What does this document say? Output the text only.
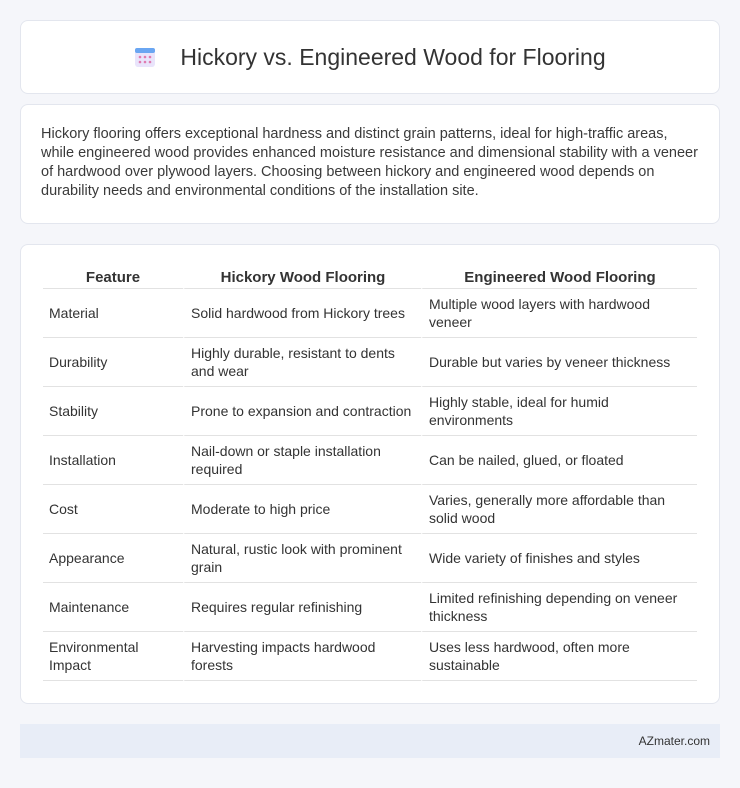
Hickory vs. Engineered Wood for Flooring

Hickory flooring offers exceptional hardness and distinct grain patterns, ideal for high-traffic areas, while engineered wood provides enhanced moisture resistance and dimensional stability with a veneer of hardwood over plywood layers. Choosing between hickory and engineered wood depends on durability needs and environmental conditions of the installation site.

Feature	Hickory Wood Flooring	Engineered Wood Flooring
Material	Solid hardwood from Hickory trees	Multiple wood layers with hardwood veneer
Durability	Highly durable, resistant to dents and wear	Durable but varies by veneer thickness
Stability	Prone to expansion and contraction	Highly stable, ideal for humid environments
Installation	Nail-down or staple installation required	Can be nailed, glued, or floated
Cost	Moderate to high price	Varies, generally more affordable than solid wood
Appearance	Natural, rustic look with prominent grain	Wide variety of finishes and styles
Maintenance	Requires regular refinishing	Limited refinishing depending on veneer thickness
Environmental Impact	Harvesting impacts hardwood forests	Uses less hardwood, often more sustainable
AZmater.com
